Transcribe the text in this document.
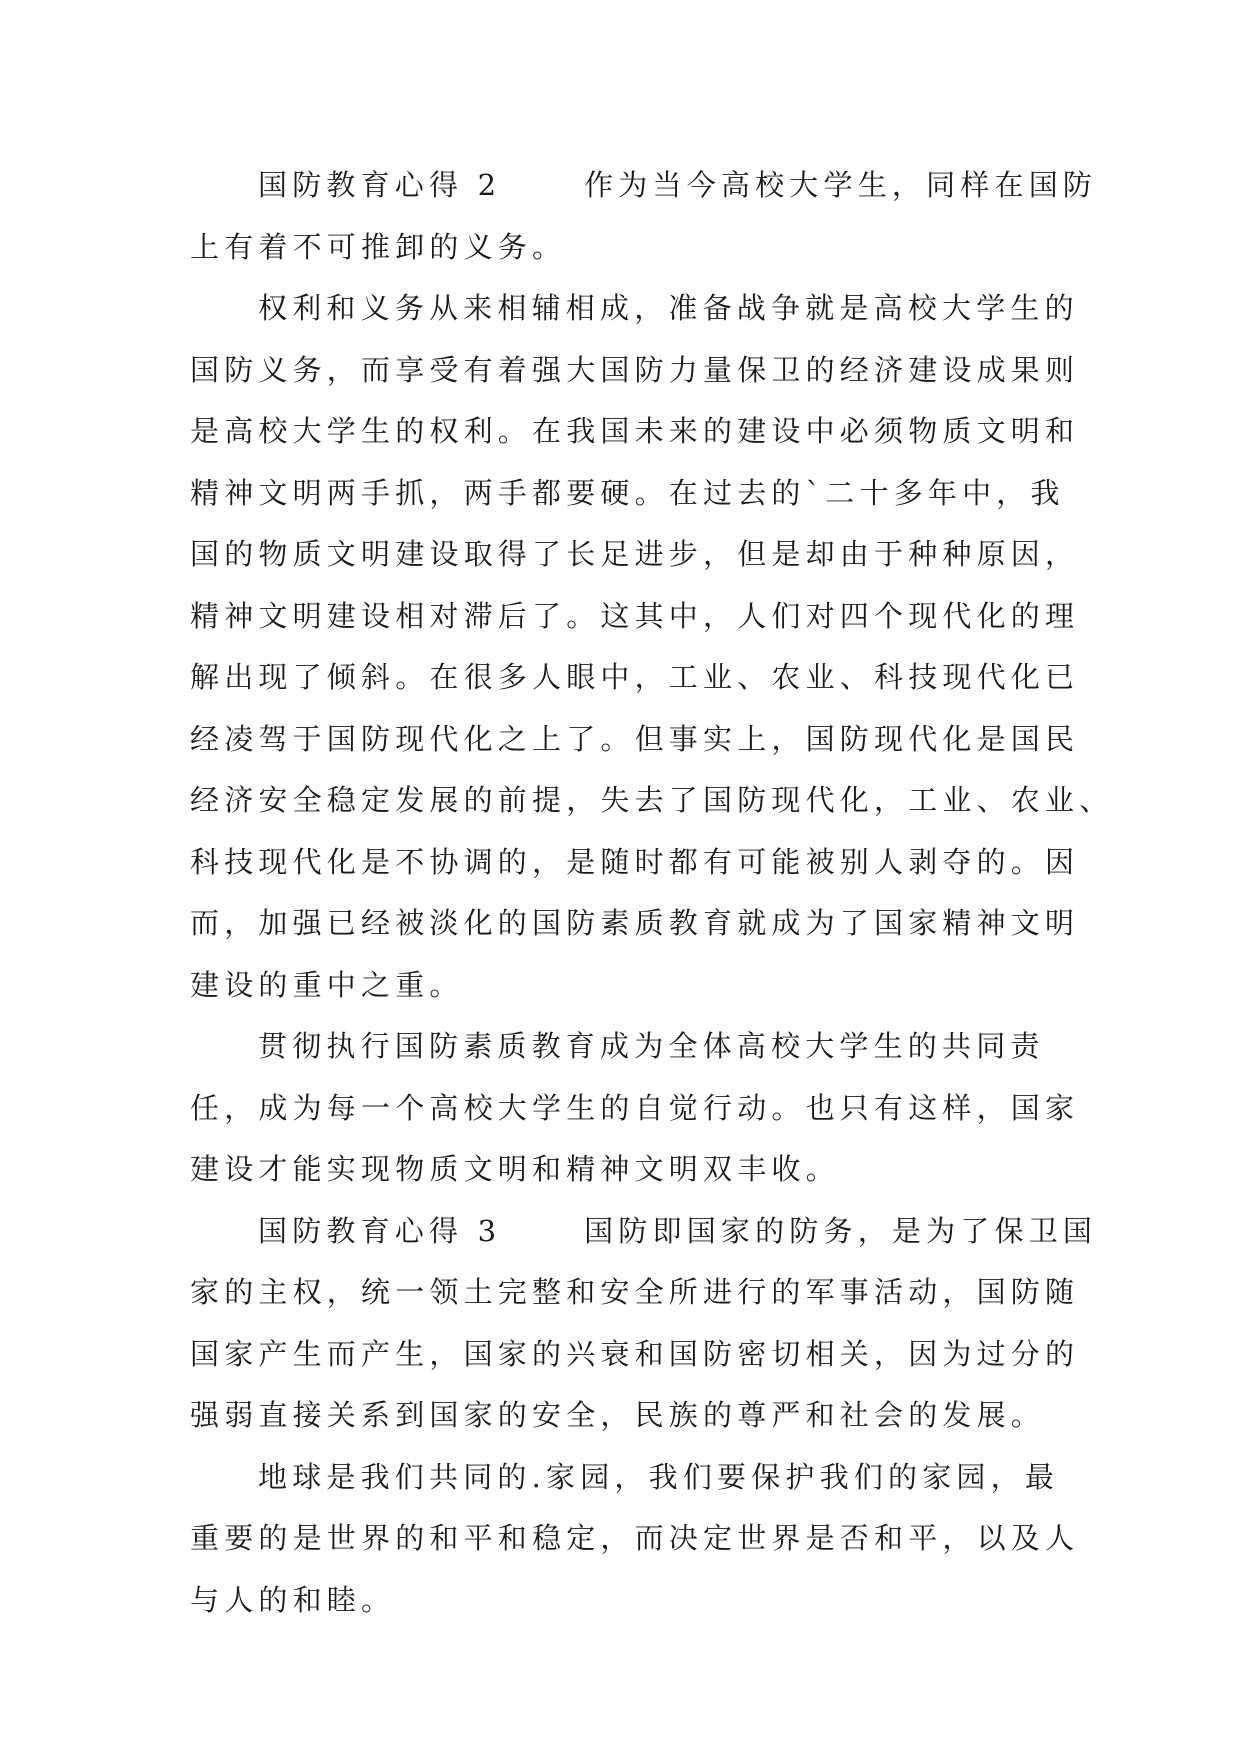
国防教育心得 2　　 作为当今高校大学生，同样在国防
上有着不可推卸的义务。
权利和义务从来相辅相成，准备战争就是高校大学生的
国防义务，而享受有着强大国防力量保卫的经济建设成果则
是高校大学生的权利。在我国未来的建设中必须物质文明和
精神文明两手抓，两手都要硬。在过去的`二十多年中，我
国的物质文明建设取得了长足进步，但是却由于种种原因，
精神文明建设相对滞后了。这其中，人们对四个现代化的理
解出现了倾斜。在很多人眼中，工业、农业、科技现代化已
经凌驾于国防现代化之上了。但事实上，国防现代化是国民
经济安全稳定发展的前提，失去了国防现代化，工业、农业、
科技现代化是不协调的，是随时都有可能被别人剥夺的。因
而，加强已经被淡化的国防素质教育就成为了国家精神文明
建设的重中之重。
贯彻执行国防素质教育成为全体高校大学生的共同责
任，成为每一个高校大学生的自觉行动。也只有这样，国家
建设才能实现物质文明和精神文明双丰收。
国防教育心得 3　　 国防即国家的防务，是为了保卫国
家的主权，统一领土完整和安全所进行的军事活动，国防随
国家产生而产生，国家的兴衰和国防密切相关，因为过分的
强弱直接关系到国家的安全，民族的尊严和社会的发展。
地球是我们共同的.家园，我们要保护我们的家园，最
重要的是世界的和平和稳定，而决定世界是否和平，以及人
与人的和睦。
